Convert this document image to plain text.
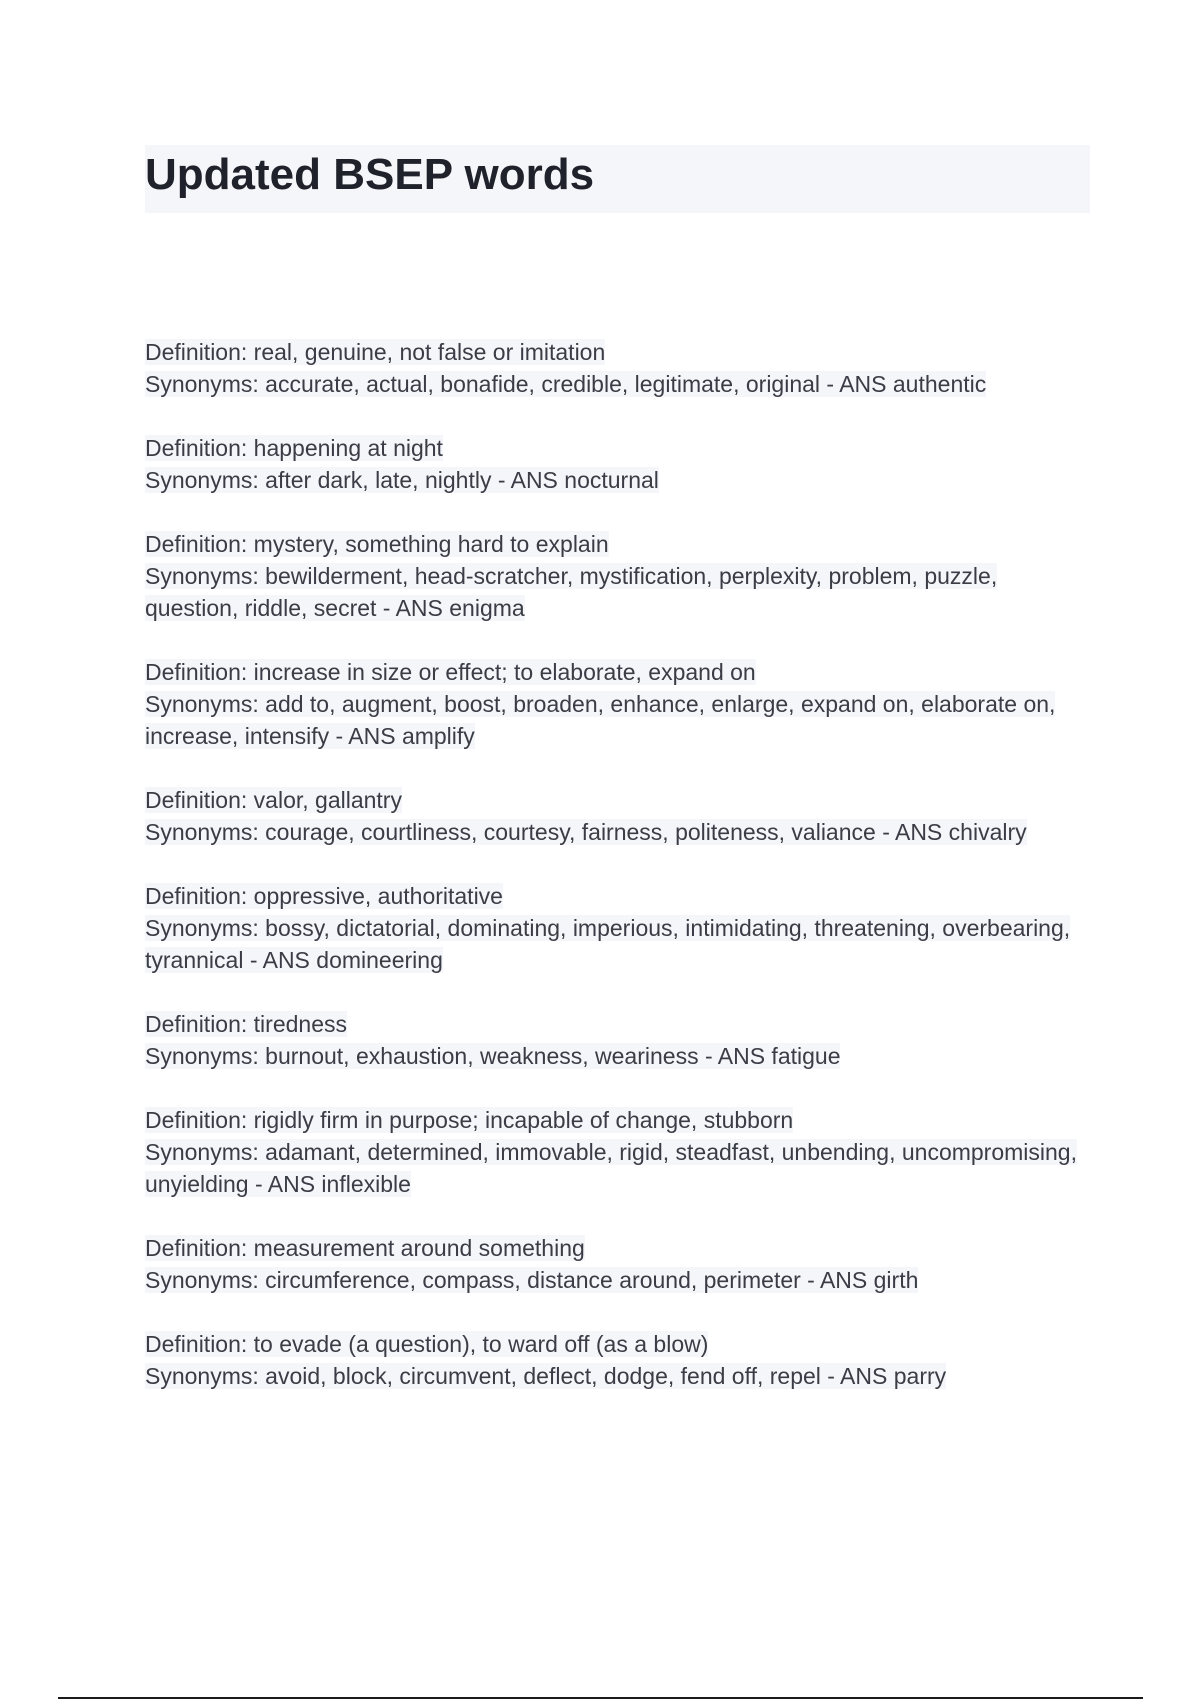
Updated BSEP words
Definition: real, genuine, not false or imitation
Synonyms: accurate, actual, bonafide, credible, legitimate, original - ANS authentic
Definition: happening at night
Synonyms: after dark, late, nightly - ANS nocturnal
Definition: mystery, something hard to explain
Synonyms: bewilderment, head-scratcher, mystification, perplexity, problem, puzzle, question, riddle, secret - ANS enigma
Definition: increase in size or effect; to elaborate, expand on
Synonyms: add to, augment, boost, broaden, enhance, enlarge, expand on, elaborate on, increase, intensify - ANS amplify
Definition: valor, gallantry
Synonyms: courage, courtliness, courtesy, fairness, politeness, valiance - ANS chivalry
Definition: oppressive, authoritative
Synonyms: bossy, dictatorial, dominating, imperious, intimidating, threatening, overbearing, tyrannical - ANS domineering
Definition: tiredness
Synonyms: burnout, exhaustion, weakness, weariness - ANS fatigue
Definition: rigidly firm in purpose; incapable of change, stubborn
Synonyms: adamant, determined, immovable, rigid, steadfast, unbending, uncompromising, unyielding - ANS inflexible
Definition: measurement around something
Synonyms: circumference, compass, distance around, perimeter - ANS girth
Definition: to evade (a question), to ward off (as a blow)
Synonyms: avoid, block, circumvent, deflect, dodge, fend off, repel - ANS parry
